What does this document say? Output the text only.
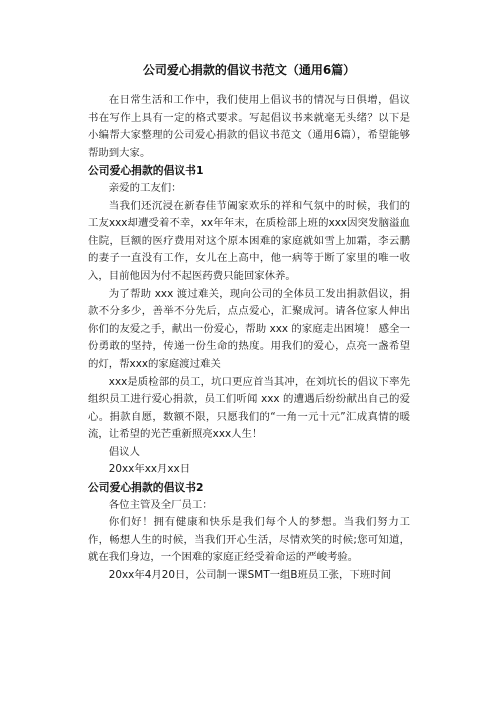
公司爱心捐款的倡议书范文（通用6篇）

在日常生活和工作中，我们使用上倡议书的情况与日俱增，倡议书在写作上具有一定的格式要求。写起倡议书来就毫无头绪？以下是小编帮大家整理的公司爱心捐款的倡议书范文（通用6篇），希望能够帮助到大家。

公司爱心捐款的倡议书1

亲爱的工友们：

当我们还沉浸在新春佳节阖家欢乐的祥和气氛中的时候，我们的工友xxx却遭受着不幸，xx年年末，在质检部上班的xxx因突发脑溢血住院，巨额的医疗费用对这个原本困难的家庭就如雪上加霜，李云鹏的妻子一直没有工作，女儿在上高中，他一病等于断了家里的唯一收入，目前他因为付不起医药费只能回家休养。

为了帮助 xxx 渡过难关，现向公司的全体员工发出捐款倡议，捐款不分多少，善举不分先后，点点爱心，汇聚成河。请各位家人伸出你们的友爱之手，献出一份爱心，帮助 xxx 的家庭走出困境！ 感全一份勇敢的坚持，传递一份生命的热度。用我们的爱心，点亮一盏希望的灯，帮xxx的家庭渡过难关

xxx是质检部的员工，坑口更应首当其冲，在刘坑长的倡议下率先组织员工进行爱心捐款，员工们听闻 xxx 的遭遇后纷纷献出自己的爱心。捐款自愿，数额不限，只愿我们的“一角一元十元”汇成真情的暖流，让希望的光芒重新照亮xxx人生！

倡议人

20xx年xx月xx日

公司爱心捐款的倡议书2

各位主管及全厂员工：

你们好！拥有健康和快乐是我们每个人的梦想。当我们努力工作，畅想人生的时候，当我们开心生活，尽情欢笑的时候;您可知道，就在我们身边，一个困难的家庭正经受着命运的严峻考验。

20xx年4月20日，公司制一课SMT一组B班员工张，下班时间
